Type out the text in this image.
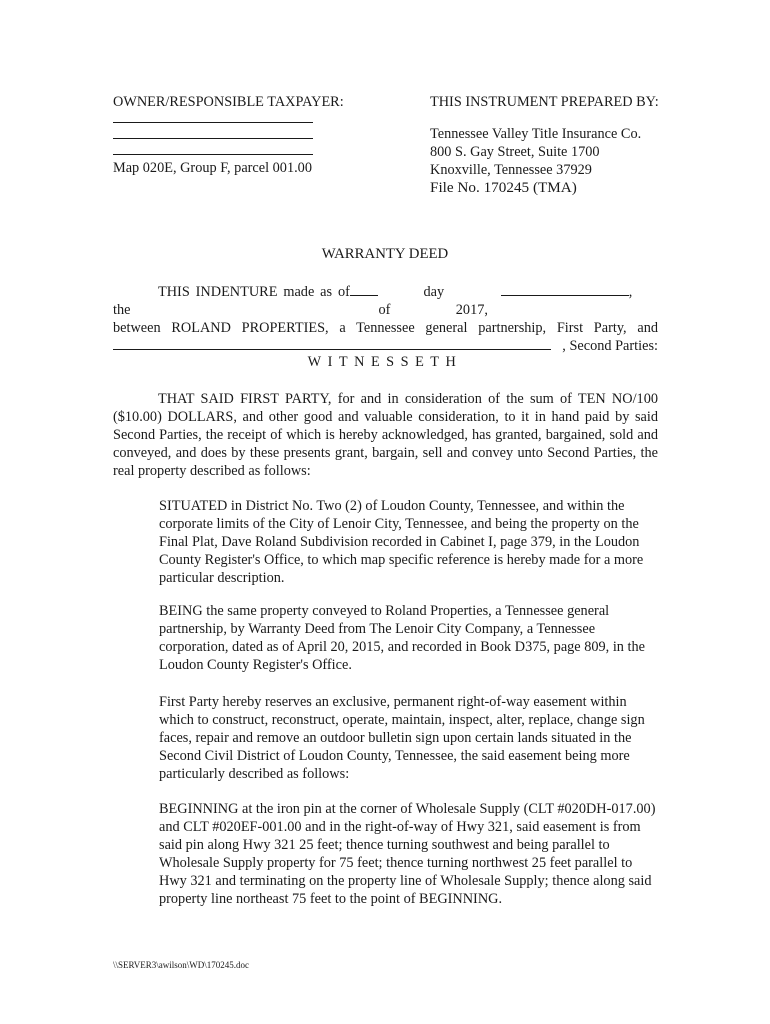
OWNER/RESPONSIBLE TAXPAYER:
Map 020E, Group F, parcel 001.00
THIS INSTRUMENT PREPARED BY:
Tennessee Valley Title Insurance Co.
800 S. Gay Street, Suite 1700
Knoxville, Tennessee 37929
File No. 170245 (TMA)
WARRANTY DEED
THIS INDENTURE made as of the
day of
, 2017,
between ROLAND PROPERTIES, a Tennessee general partnership, First Party, and
, Second Parties:
WITNESSETH
THAT SAID FIRST PARTY, for and in consideration of the sum of TEN NO/100 ($10.00) DOLLARS, and other good and valuable consideration, to it in hand paid by said Second Parties, the receipt of which is hereby acknowledged, has granted, bargained, sold and conveyed, and does by these presents grant, bargain, sell and convey unto Second Parties, the real property described as follows:
SITUATED in District No. Two (2) of Loudon County, Tennessee, and within the corporate limits of the City of Lenoir City, Tennessee, and being the property on the Final Plat, Dave Roland Subdivision recorded in Cabinet I, page 379, in the Loudon County Register's Office, to which map specific reference is hereby made for a more particular description.
BEING the same property conveyed to Roland Properties, a Tennessee general partnership, by Warranty Deed from The Lenoir City Company, a Tennessee corporation, dated as of April 20, 2015, and recorded in Book D375, page 809, in the Loudon County Register's Office.
First Party hereby reserves an exclusive, permanent right-of-way easement within which to construct, reconstruct, operate, maintain, inspect, alter, replace, change sign faces, repair and remove an outdoor bulletin sign upon certain lands situated in the Second Civil District of Loudon County, Tennessee, the said easement being more particularly described as follows:
BEGINNING at the iron pin at the corner of Wholesale Supply (CLT #020DH-017.00) and CLT #020EF-001.00 and in the right-of-way of Hwy 321, said easement is from said pin along Hwy 321 25 feet; thence turning southwest and being parallel to Wholesale Supply property for 75 feet; thence turning northwest 25 feet parallel to Hwy 321 and terminating on the property line of Wholesale Supply; thence along said property line northeast 75 feet to the point of BEGINNING.
\\SERVER3\awilson\WD\170245.doc
